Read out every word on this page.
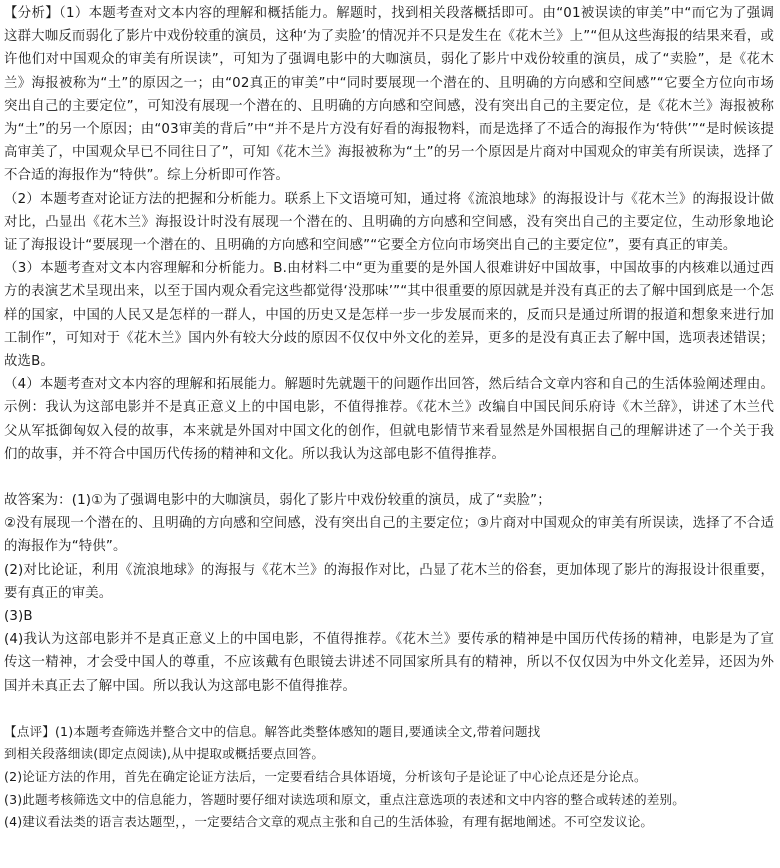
【分析】（1）本题考查对文本内容的理解和概括能力。解题时，找到相关段落概括即可。由“01被误读的审美”中“而它为了强调这群大咖反而弱化了影片中戏份较重的演员，这种‘为了卖脸’的情况并不只是发生在《花木兰》上”“但从这些海报的结果来看，或许他们对中国观众的审美有所误读”，可知为了强调电影中的大咖演员，弱化了影片中戏份较重的演员，成了“卖脸”，是《花木兰》海报被称为“土”的原因之一；由“02真正的审美”中“同时要展现一个潜在的、且明确的方向感和空间感”“它要全方位向市场突出自己的主要定位”，可知没有展现一个潜在的、且明确的方向感和空间感，没有突出自己的主要定位，是《花木兰》海报被称为“土”的另一个原因；由“03审美的背后”中“并不是片方没有好看的海报物料，而是选择了不适合的海报作为‘特供’”“是时候该提高审美了，中国观众早已不同往日了”，可知《花木兰》海报被称为“土”的另一个原因是片商对中国观众的审美有所误读，选择了不合适的海报作为“特供”。综上分析即可作答。

（2）本题考查对论证方法的把握和分析能力。联系上下文语境可知，通过将《流浪地球》的海报设计与《花木兰》的海报设计做对比，凸显出《花木兰》海报设计时没有展现一个潜在的、且明确的方向感和空间感，没有突出自己的主要定位，生动形象地论证了海报设计“要展现一个潜在的、且明确的方向感和空间感”“它要全方位向市场突出自己的主要定位”，要有真正的审美。

（3）本题考查对文本内容理解和分析能力。B.由材料二中“更为重要的是外国人很难讲好中国故事，中国故事的内核难以通过西方的表演艺术呈现出来，以至于国内观众看完这些都觉得‘没那味’”“其中很重要的原因就是并没有真正的去了解中国到底是一个怎样的国家，中国的人民又是怎样的一群人，中国的历史又是怎样一步一步发展而来的，反而只是通过所谓的报道和想象来进行加工制作”，可知对于《花木兰》国内外有较大分歧的原因不仅仅中外文化的差异，更多的是没有真正去了解中国，选项表述错误；故选B。

（4）本题考查对文本内容的理解和拓展能力。解题时先就题干的问题作出回答，然后结合文章内容和自己的生活体验阐述理由。示例：我认为这部电影并不是真正意义上的中国电影，不值得推荐。《花木兰》改编自中国民间乐府诗《木兰辞》，讲述了木兰代父从军抵御匈奴入侵的故事，本来就是外国对中国文化的创作，但就电影情节来看显然是外国根据自己的理解讲述了一个关于我们的故事，并不符合中国历代传扬的精神和文化。所以我认为这部电影不值得推荐。

故答案为：(1)①为了强调电影中的大咖演员，弱化了影片中戏份较重的演员，成了“卖脸”；

②没有展现一个潜在的、且明确的方向感和空间感，没有突出自己的主要定位；③片商对中国观众的审美有所误读，选择了不合适的海报作为“特供”。

(2)对比论证，利用《流浪地球》的海报与《花木兰》的海报作对比，凸显了花木兰的俗套，更加体现了影片的海报设计很重要，要有真正的审美。

(3)B

(4)我认为这部电影并不是真正意义上的中国电影，不值得推荐。《花木兰》要传承的精神是中国历代传扬的精神，电影是为了宣传这一精神，才会受中国人的尊重，不应该戴有色眼镜去讲述不同国家所具有的精神，所以不仅仅因为中外文化差异，还因为外国并未真正去了解中国。所以我认为这部电影不值得推荐。

【点评】(1)本题考查筛选并整合文中的信息。解答此类整体感知的题目,要通读全文,带着问题找

到相关段落细读(即定点阅读),从中提取或概括要点回答。

(2)论证方法的作用，首先在确定论证方法后，一定要看结合具体语境，分析该句子是论证了中心论点还是分论点。

(3)此题考核筛选文中的信息能力，答题时要仔细对读选项和原文，重点注意选项的表述和文中内容的整合或转述的差别。

(4)建议看法类的语言表达题型，，一定要结合文章的观点主张和自己的生活体验，有理有据地阐述。不可空发议论。
